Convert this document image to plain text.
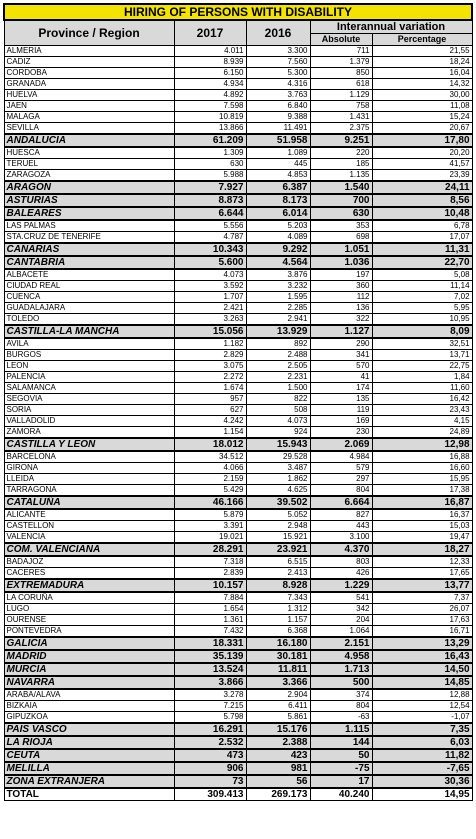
HIRING OF PERSONS WITH DISABILITY				
Province / Region	2017	2016	Interannual variation	
			Absolute	Percentage
ALMERIA	4.011	3.300	711	21,55
CADIZ	8.939	7.560	1.379	18,24
CORDOBA	6.150	5.300	850	16,04
GRANADA	4.934	4.316	618	14,32
HUELVA	4.892	3.763	1.129	30,00
JAEN	7.598	6.840	758	11,08
MALAGA	10.819	9.388	1.431	15,24
SEVILLA	13.866	11.491	2.375	20,67
ANDALUCIA	61.209	51.958	9.251	17,80
HUESCA	1.309	1.089	220	20,20
TERUEL	630	445	185	41,57
ZARAGOZA	5.988	4.853	1.135	23,39
ARAGON	7.927	6.387	1.540	24,11
ASTURIAS	8.873	8.173	700	8,56
BALEARES	6.644	6.014	630	10,48
LAS PALMAS	5.556	5.203	353	6,78
STA.CRUZ DE TENERIFE	4.787	4.089	698	17,07
CANARIAS	10.343	9.292	1.051	11,31
CANTABRIA	5.600	4.564	1.036	22,70
ALBACETE	4.073	3.876	197	5,08
CIUDAD REAL	3.592	3.232	360	11,14
CUENCA	1.707	1.595	112	7,02
GUADALAJARA	2.421	2.285	136	5,95
TOLEDO	3.263	2.941	322	10,95
CASTILLA-LA MANCHA	15.056	13.929	1.127	8,09
AVILA	1.182	892	290	32,51
BURGOS	2.829	2.488	341	13,71
LEON	3.075	2.505	570	22,75
PALENCIA	2.272	2.231	41	1,84
SALAMANCA	1.674	1.500	174	11,60
SEGOVIA	957	822	135	16,42
SORIA	627	508	119	23,43
VALLADOLID	4.242	4.073	169	4,15
ZAMORA	1.154	924	230	24,89
CASTILLA Y LEON	18.012	15.943	2.069	12,98
BARCELONA	34.512	29.528	4.984	16,88
GIRONA	4.066	3.487	579	16,60
LLEIDA	2.159	1.862	297	15,95
TARRAGONA	5.429	4.625	804	17,38
CATALUÑA	46.166	39.502	6.664	16,87
ALICANTE	5.879	5.052	827	16,37
CASTELLON	3.391	2.948	443	15,03
VALENCIA	19.021	15.921	3.100	19,47
COM. VALENCIANA	28.291	23.921	4.370	18,27
BADAJOZ	7.318	6.515	803	12,33
CACERES	2.839	2.413	426	17,65
EXTREMADURA	10.157	8.928	1.229	13,77
LA CORUÑA	7.884	7.343	541	7,37
LUGO	1.654	1.312	342	26,07
OURENSE	1.361	1.157	204	17,63
PONTEVEDRA	7.432	6.368	1.064	16,71
GALICIA	18.331	16.180	2.151	13,29
MADRID	35.139	30.181	4.958	16,43
MURCIA	13.524	11.811	1.713	14,50
NAVARRA	3.866	3.366	500	14,85
ARABA/ALAVA	3.278	2.904	374	12,88
BIZKAIA	7.215	6.411	804	12,54
GIPUZKOA	5.798	5.861	-63	-1,07
PAIS VASCO	16.291	15.176	1.115	7,35
LA RIOJA	2.532	2.388	144	6,03
CEUTA	473	423	50	11,82
MELILLA	906	981	-75	-7,65
ZONA EXTRANJERA	73	56	17	30,36
TOTAL	309.413	269.173	40.240	14,95
